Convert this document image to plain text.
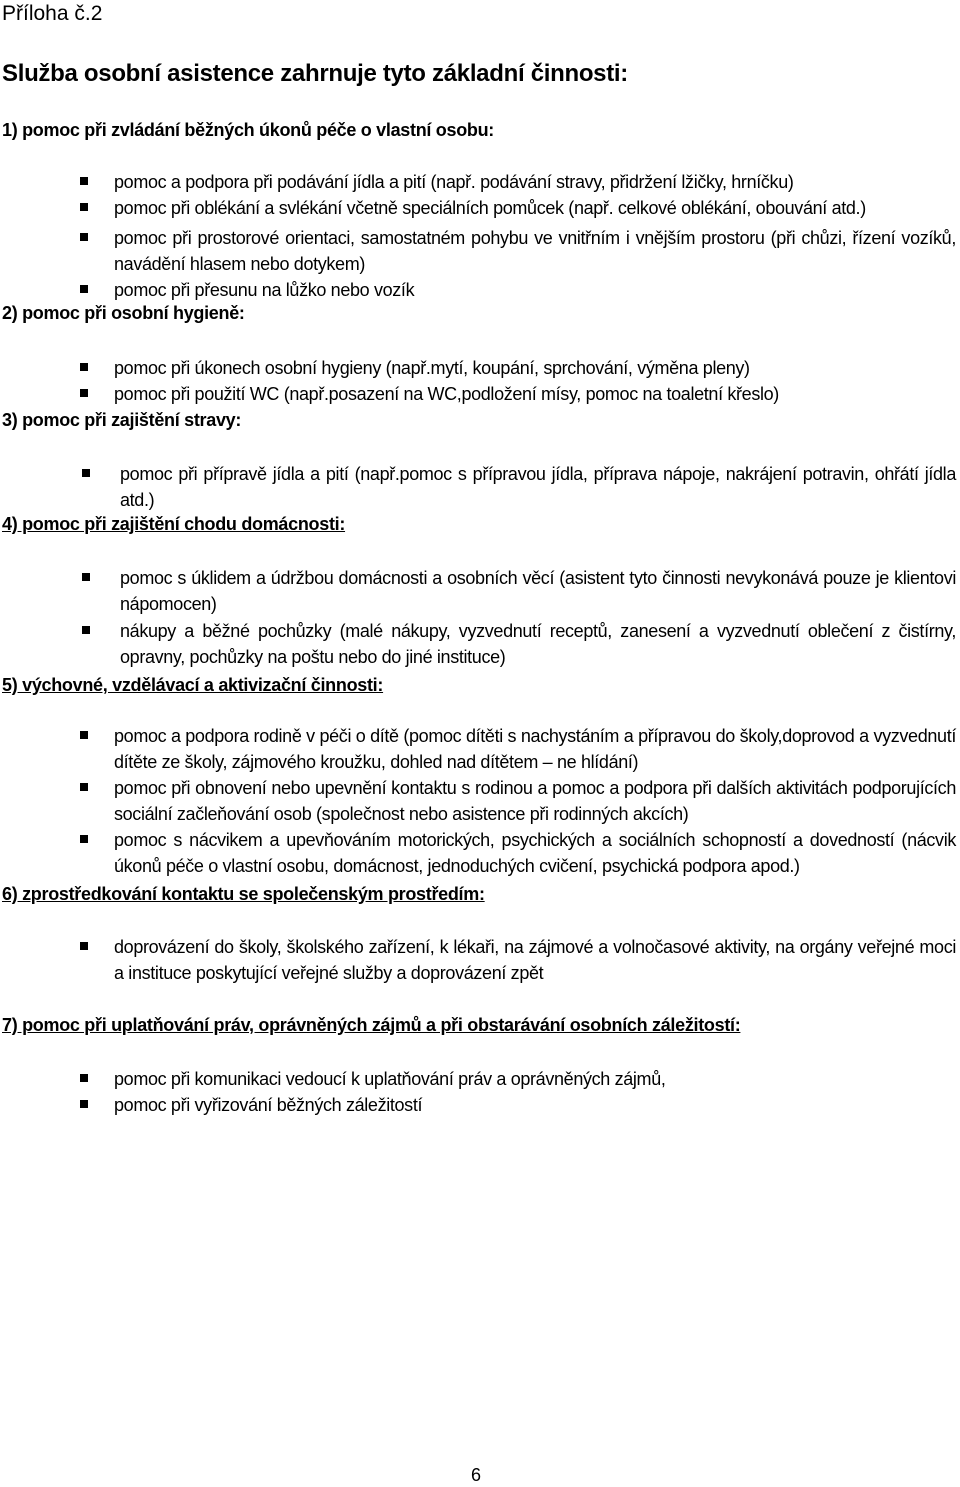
Příloha č.2
Služba osobní asistence zahrnuje tyto základní činnosti:
1) pomoc při zvládání běžných úkonů péče o vlastní osobu:
pomoc a podpora při podávání jídla a pití (např. podávání stravy, přidržení lžičky, hrníčku)
pomoc při oblékání a svlékání včetně speciálních pomůcek (např. celkové oblékání, obouvání atd.)
pomoc při prostorové orientaci, samostatném pohybu ve vnitřním i vnějším prostoru (při chůzi, řízení vozíků, navádění hlasem nebo dotykem)
pomoc při přesunu na lůžko nebo vozík
2) pomoc při osobní hygieně:
pomoc při úkonech osobní hygieny (např.mytí, koupání, sprchování, výměna pleny)
pomoc při použití WC (např.posazení na WC,podložení mísy, pomoc na toaletní křeslo)
3) pomoc při zajištění stravy:
pomoc při přípravě jídla a pití (např.pomoc s přípravou jídla, příprava nápoje, nakrájení potravin, ohřátí jídla atd.)
4) pomoc při zajištění chodu domácnosti:
pomoc s úklidem a údržbou domácnosti a osobních věcí (asistent tyto činnosti nevykonává pouze je klientovi nápomocen)
nákupy a běžné pochůzky (malé nákupy, vyzvednutí receptů, zanesení a vyzvednutí oblečení z čistírny, opravny, pochůzky na poštu nebo do jiné instituce)
5) výchovné, vzdělávací a aktivizační činnosti:
pomoc a podpora rodině v péči o dítě (pomoc dítěti s nachystáním a přípravou do školy,doprovod a vyzvednutí dítěte ze školy, zájmového kroužku, dohled nad dítětem – ne hlídání)
pomoc při obnovení nebo upevnění kontaktu s rodinou a pomoc a podpora při dalších aktivitách podporujících sociální začleňování osob (společnost nebo asistence při rodinných akcích)
pomoc s nácvikem a upevňováním motorických, psychických a sociálních schopností a dovedností (nácvik úkonů péče o vlastní osobu, domácnost, jednoduchých cvičení, psychická podpora apod.)
6) zprostředkování kontaktu se společenským prostředím:
doprovázení do školy, školského zařízení, k lékaři, na zájmové a volnočasové aktivity, na orgány veřejné moci a instituce poskytující veřejné služby a doprovázení zpět
7) pomoc při uplatňování práv, oprávněných zájmů a při obstarávání osobních záležitostí:
pomoc při komunikaci vedoucí k uplatňování práv a oprávněných zájmů,
pomoc při vyřizování běžných záležitostí
6
